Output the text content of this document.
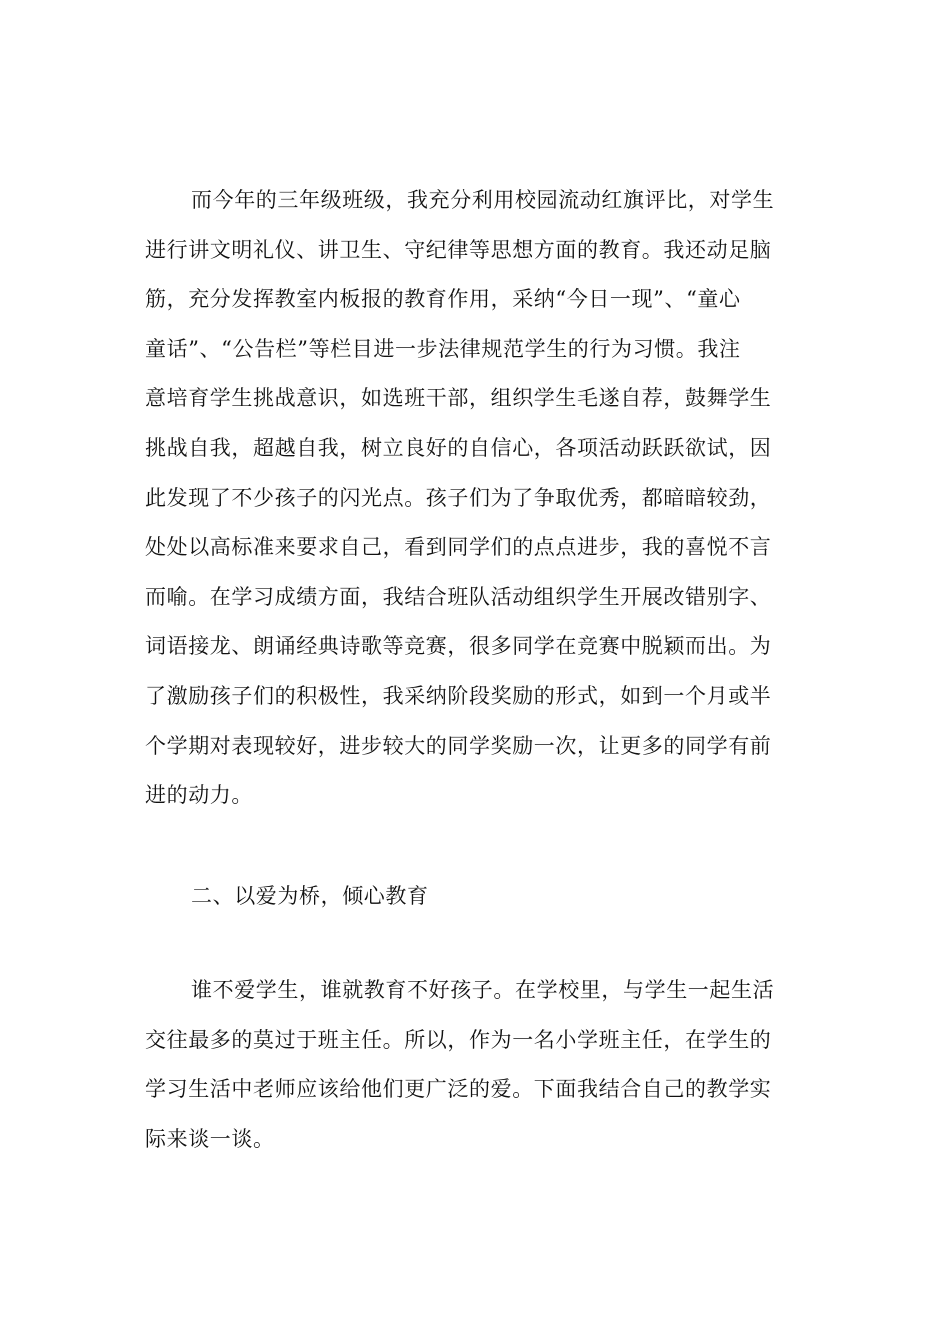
而今年的三年级班级，我充分利用校园流动红旗评比，对学生
进行讲文明礼仪、讲卫生、守纪律等思想方面的教育。我还动足脑
筋，充分发挥教室内板报的教育作用，采纳“今日一现”、“童心
童话”、“公告栏”等栏目进一步法律规范学生的行为习惯。我注
意培育学生挑战意识，如选班干部，组织学生毛遂自荐，鼓舞学生
挑战自我，超越自我，树立良好的自信心，各项活动跃跃欲试，因
此发现了不少孩子的闪光点。孩子们为了争取优秀，都暗暗较劲，
处处以高标准来要求自己，看到同学们的点点进步，我的喜悦不言
而喻。在学习成绩方面，我结合班队活动组织学生开展改错别字、
词语接龙、朗诵经典诗歌等竞赛，很多同学在竞赛中脱颖而出。为
了激励孩子们的积极性，我采纳阶段奖励的形式，如到一个月或半
个学期对表现较好，进步较大的同学奖励一次，让更多的同学有前
进的动力。
二、以爱为桥，倾心教育
谁不爱学生，谁就教育不好孩子。在学校里，与学生一起生活
交往最多的莫过于班主任。所以，作为一名小学班主任，在学生的
学习生活中老师应该给他们更广泛的爱。下面我结合自己的教学实
际来谈一谈。
